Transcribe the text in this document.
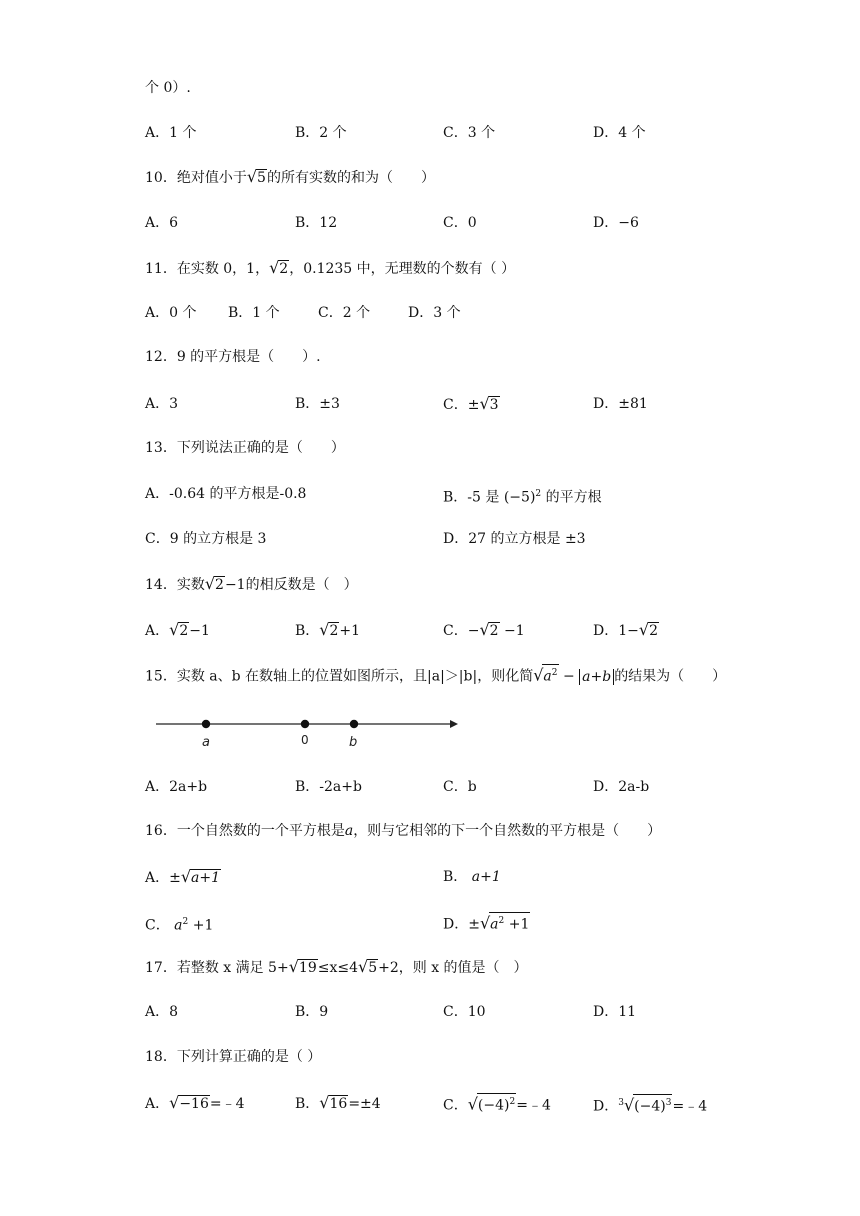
个 0）.
A．1 个	B．2 个	C．3 个	D．4 个
10．绝对值小于√5的所有实数的和为（　　）
A．6	B．12	C．0	D．−6
11．在实数 0，1，√2，0.1235 中，无理数的个数有（ ）
A．0 个 B．1 个	C．2 个	D．3 个
12．9 的平方根是（　　）.
A．3	B．±3	C．±√3	D．±81
13．下列说法正确的是（　　）
A．-0.64 的平方根是-0.8	B．-5 是 $(-5)^2$ 的平方根
C．9 的立方根是 3	D．27 的立方根是 ±3
14．实数√2−1的相反数是（　）
A．√2−1	B．√2+1	C．−√2 −1	D．1−√2
15．实数 a、b 在数轴上的位置如图所示，且|a|＞|b|，则化简$√a^2 - a+b$ 的结果为（　　）
a	0	b
A．2a+b	B．-2a+b	C．b	D．2a-b
16．一个自然数的一个平方根是a，则与它相邻的下一个自然数的平方根是（　　）
A．±√a+1	B． a+1
C． $a^2 +1$	D．$\pm√a^2 +1$
17．若整数 x 满足 5+√19≤x≤4√5+2，则 x 的值是（　）
A．8	B．9	C．10	D．11
18．下列计算正确的是（ ）
A．√−16=﹣4	B．√16=±4	C．$√(-4)^2=﹣4$	D．$^3√(-4)^3=﹣4$
